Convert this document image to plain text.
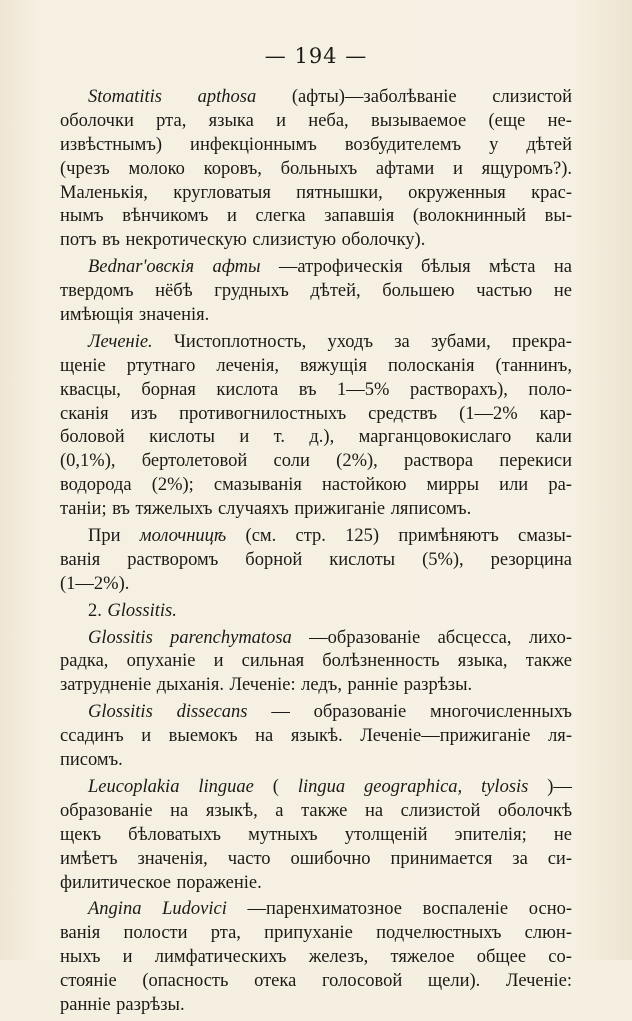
— 194 —
Stomatitis apthosa (афты)—заболѣваніе слизистой
оболочки рта, языка и неба, вызываемое (еще не-
извѣстнымъ) инфекціоннымъ возбудителемъ у дѣтей
(чрезъ молоко коровъ, больныхъ афтами и ящуромъ?).
Маленькія, кругловатыя пятнышки, окруженныя крас-
нымъ вѣнчикомъ и слегка запавшія (волокнинный вы-
потъ въ некротическую слизистую оболочку).
Bednar'овскія афты —атрофическія бѣлыя мѣста на
твердомъ нёбѣ грудныхъ дѣтей, большею частью не
имѣющія значенія.
Леченіе. Чистоплотность, уходъ за зубами, прекра-
щеніе ртутнаго леченія, вяжущія полосканія (таннинъ,
квасцы, борная кислота въ 1—5% растворахъ), поло-
сканія изъ противогнилостныхъ средствъ (1—2% кар-
боловой кислоты и т. д.), марганцовокислаго кали
(0,1%), бертолетовой соли (2%), раствора перекиси
водорода (2%); смазыванія настойкою мирры или ра-
таніи; въ тяжелыхъ случаяхъ прижиганіе ляписомъ.
При молочницѣ (см. стр. 125) примѣняютъ смазы-
ванія растворомъ борной кислоты (5%), резорцина
(1—2%).
2. Glossitis.
Glossitis parenchymatosa —образованіе абсцесса, лихо-
радка, опуханіе и сильная болѣзненность языка, также
затрудненіе дыханія. Леченіе: ледъ, ранніе разрѣзы.
Glossitis dissecans — образованіе многочисленныхъ
ссадинъ и выемокъ на языкѣ. Леченіе—прижиганіе ля-
писомъ.
Leucoplakia linguae ( lingua geographica, tylosis )—
образованіе на языкѣ, а также на слизистой оболочкѣ
щекъ бѣловатыхъ мутныхъ утолщеній эпителія; не
имѣетъ значенія, часто ошибочно принимается за си-
филитическое пораженіе.
Angina Ludovici —паренхиматозное воспаленіе осно-
ванія полости рта, припуханіе подчелюстныхъ слюн-
ныхъ и лимфатическихъ железъ, тяжелое общее со-
стояніе (опасность отека голосовой щели). Леченіе:
ранніе разрѣзы.
